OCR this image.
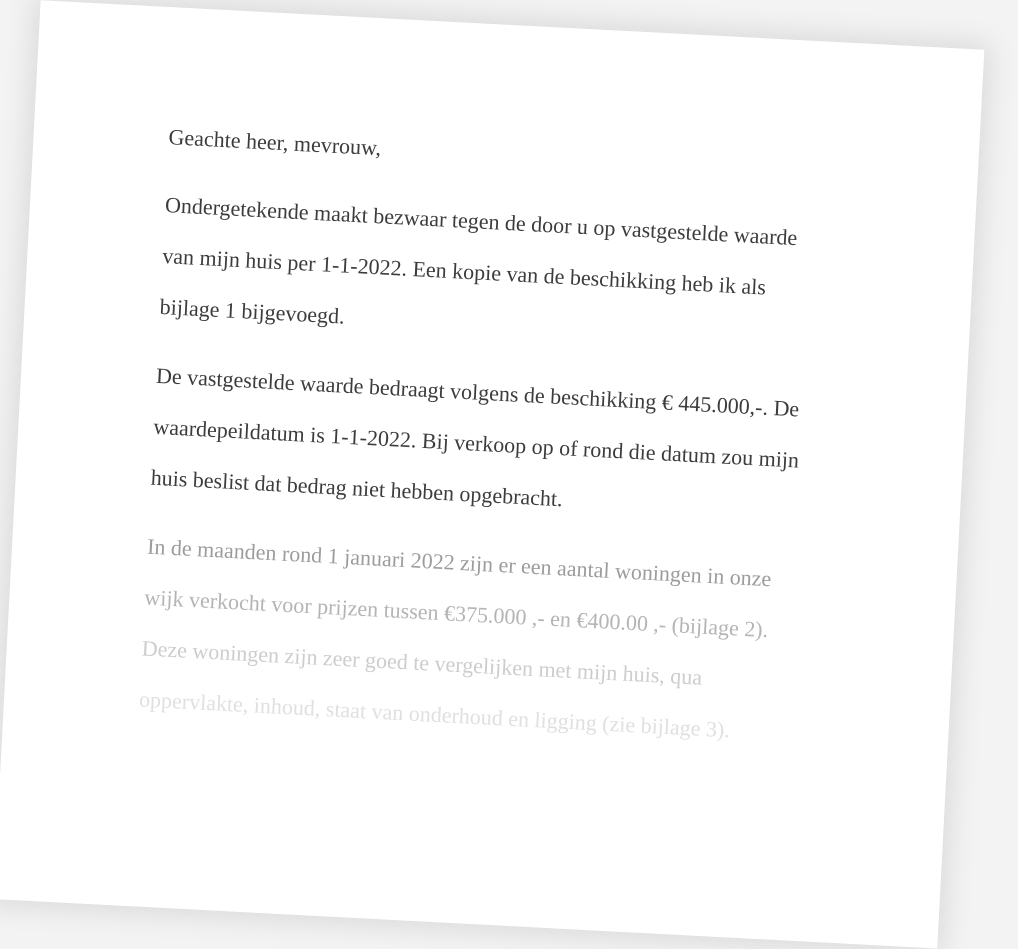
Geachte heer, mevrouw,

Ondergetekende maakt bezwaar tegen de door u op vastgestelde waarde
van mijn huis per 1-1-2022. Een kopie van de beschikking heb ik als
bijlage 1 bijgevoegd.

De vastgestelde waarde bedraagt volgens de beschikking € 445.000,-. De
waardepeildatum is 1-1-2022. Bij verkoop op of rond die datum zou mijn
huis beslist dat bedrag niet hebben opgebracht.

In de maanden rond 1 januari 2022 zijn er een aantal woningen in onze
wijk verkocht voor prijzen tussen €375.000 ,- en €400.00 ,- (bijlage 2).
Deze woningen zijn zeer goed te vergelijken met mijn huis, qua
oppervlakte, inhoud, staat van onderhoud en ligging (zie bijlage 3).
